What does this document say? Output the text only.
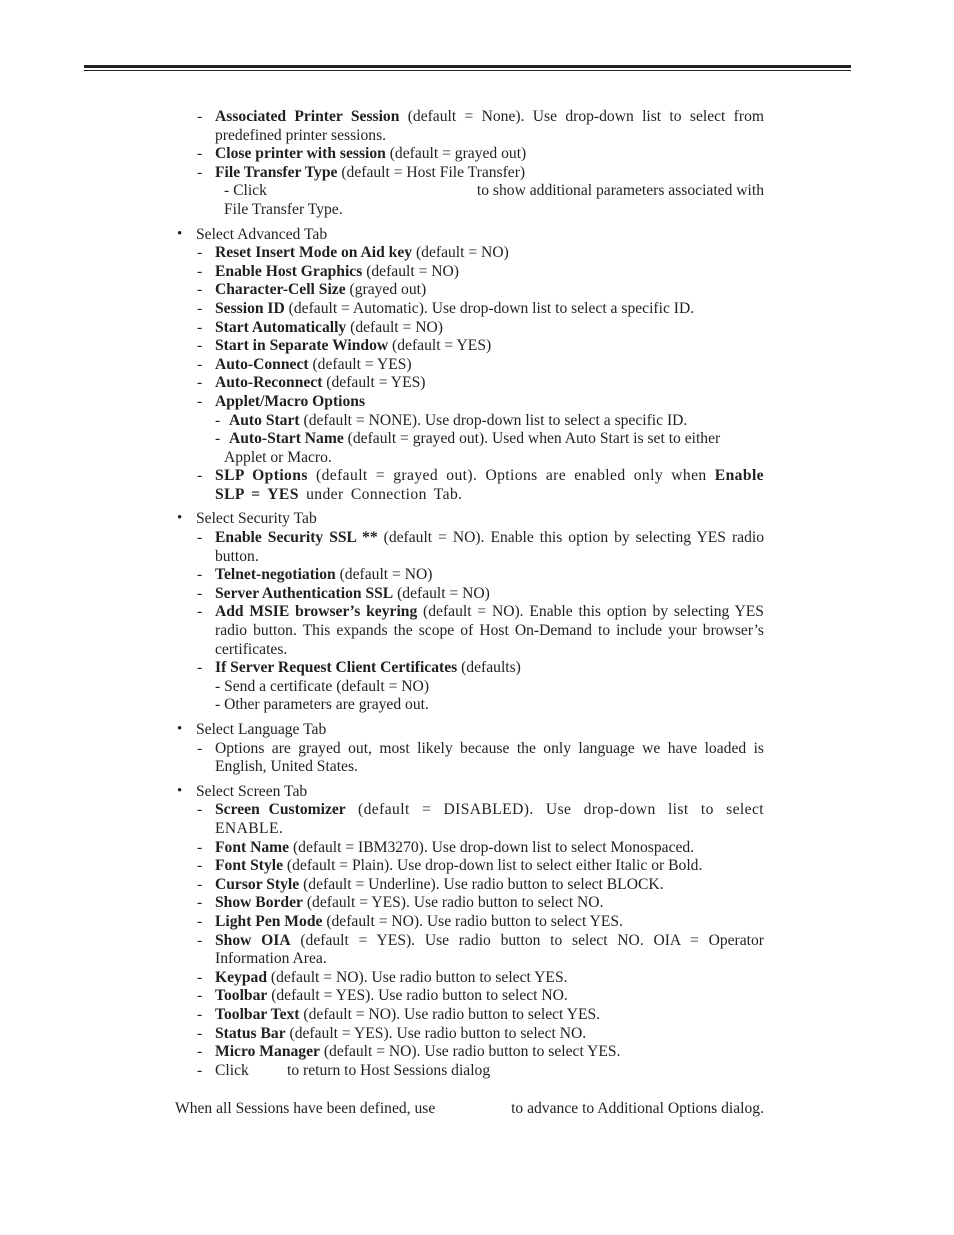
- Associated Printer Session (default = None). Use drop-down list to select from predefined printer sessions.
- Close printer with session (default = grayed out)
- File Transfer Type (default = Host File Transfer)
- Click	to show additional parameters associated with
File Transfer Type.
• Select Advanced Tab
- Reset Insert Mode on Aid key (default = NO)
- Enable Host Graphics (default = NO)
- Character-Cell Size (grayed out)
- Session ID (default = Automatic). Use drop-down list to select a specific ID.
- Start Automatically (default = NO)
- Start in Separate Window (default = YES)
- Auto-Connect (default = YES)
- Auto-Reconnect (default = YES)
- Applet/Macro Options
- Auto Start (default = NONE). Use drop-down list to select a specific ID.
- Auto-Start Name (default = grayed out). Used when Auto Start is set to either
Applet or Macro.
- SLP Options (default = grayed out). Options are enabled only when Enable SLP = YES under Connection Tab.
• Select Security Tab
- Enable Security SSL ** (default = NO). Enable this option by selecting YES radio button.
- Telnet-negotiation (default = NO)
- Server Authentication SSL (default = NO)
- Add MSIE browser’s keyring (default = NO). Enable this option by selecting YES radio button. This expands the scope of Host On-Demand to include your browser’s certificates.
- If Server Request Client Certificates (defaults)
- Send a certificate (default = NO)
- Other parameters are grayed out.
• Select Language Tab
- Options are grayed out, most likely because the only language we have loaded is English, United States.
• Select Screen Tab
- Screen Customizer (default = DISABLED). Use drop-down list to select ENABLE.
- Font Name (default = IBM3270). Use drop-down list to select Monospaced.
- Font Style (default = Plain). Use drop-down list to select either Italic or Bold.
- Cursor Style (default = Underline). Use radio button to select BLOCK.
- Show Border (default = YES). Use radio button to select NO.
- Light Pen Mode (default = NO). Use radio button to select YES.
- Show OIA (default = YES). Use radio button to select NO. OIA = Operator Information Area.
- Keypad (default = NO). Use radio button to select YES.
- Toolbar (default = YES). Use radio button to select NO.
- Toolbar Text (default = NO). Use radio button to select YES.
- Status Bar (default = YES). Use radio button to select NO.
- Micro Manager (default = NO). Use radio button to select YES.
- Click to return to Host Sessions dialog
When all Sessions have been defined, use	to advance to Additional Options dialog.
